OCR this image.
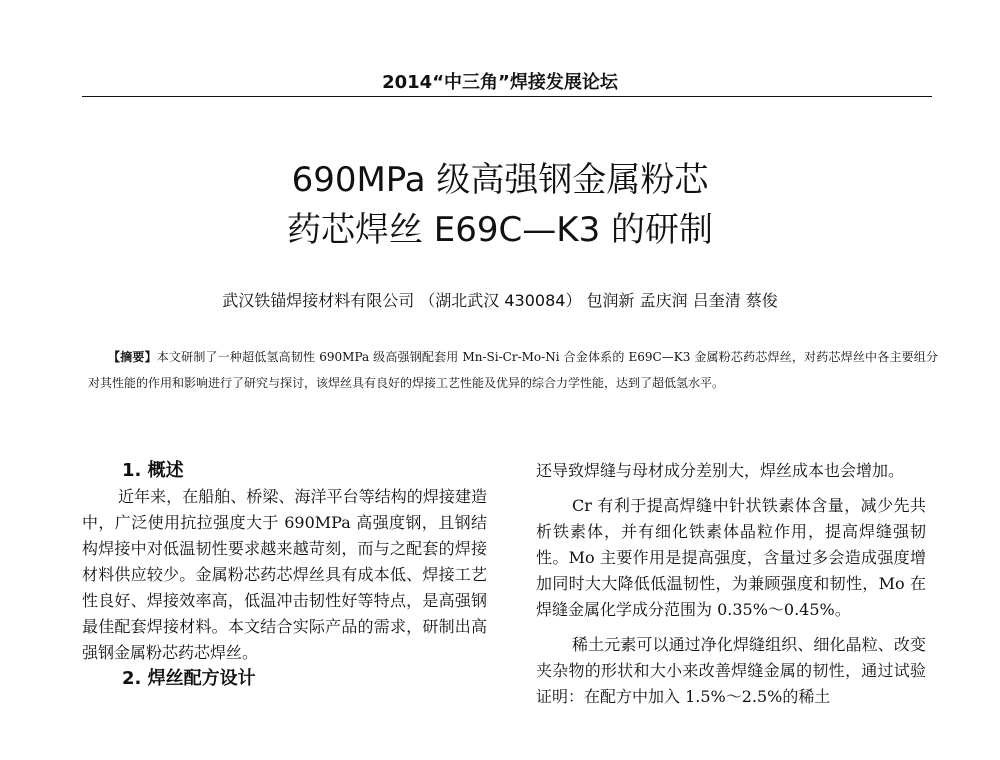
2014“中三角”焊接发展论坛
690MPa 级高强钢金属粉芯
药芯焊丝 E69C—K3 的研制
武汉铁锚焊接材料有限公司 （湖北武汉 430084） 包润新 孟庆润 吕奎清 蔡俊

【摘要】本文研制了一种超低氢高韧性 690MPa 级高强钢配套用 Mn-Si-Cr-Mo-Ni 合金体系的 E69C—K3 金属粉芯药芯焊丝，对药芯焊丝中各主要组分对其性能的作用和影响进行了研究与探讨，该焊丝具有良好的焊接工艺性能及优异的综合力学性能，达到了超低氢水平。

1. 概述

近年来，在船舶、桥梁、海洋平台等结构的焊接建造中，广泛使用抗拉强度大于 690MPa 高强度钢，且钢结构焊接中对低温韧性要求越来越苛刻，而与之配套的焊接材料供应较少。金属粉芯药芯焊丝具有成本低、焊接工艺性良好、焊接效率高，低温冲击韧性好等特点，是高强钢最佳配套焊接材料。本文结合实际产品的需求，研制出高强钢金属粉芯药芯焊丝。

2. 焊丝配方设计

还导致焊缝与母材成分差别大，焊丝成本也会增加。

Cr 有利于提高焊缝中针状铁素体含量，减少先共析铁素体，并有细化铁素体晶粒作用，提高焊缝强韧性。Mo 主要作用是提高强度，含量过多会造成强度增加同时大大降低低温韧性，为兼顾强度和韧性，Mo 在焊缝金属化学成分范围为 0.35%～0.45%。

稀土元素可以通过净化焊缝组织、细化晶粒、改变夹杂物的形状和大小来改善焊缝金属的韧性，通过试验证明：在配方中加入 1.5%～2.5%的稀土
